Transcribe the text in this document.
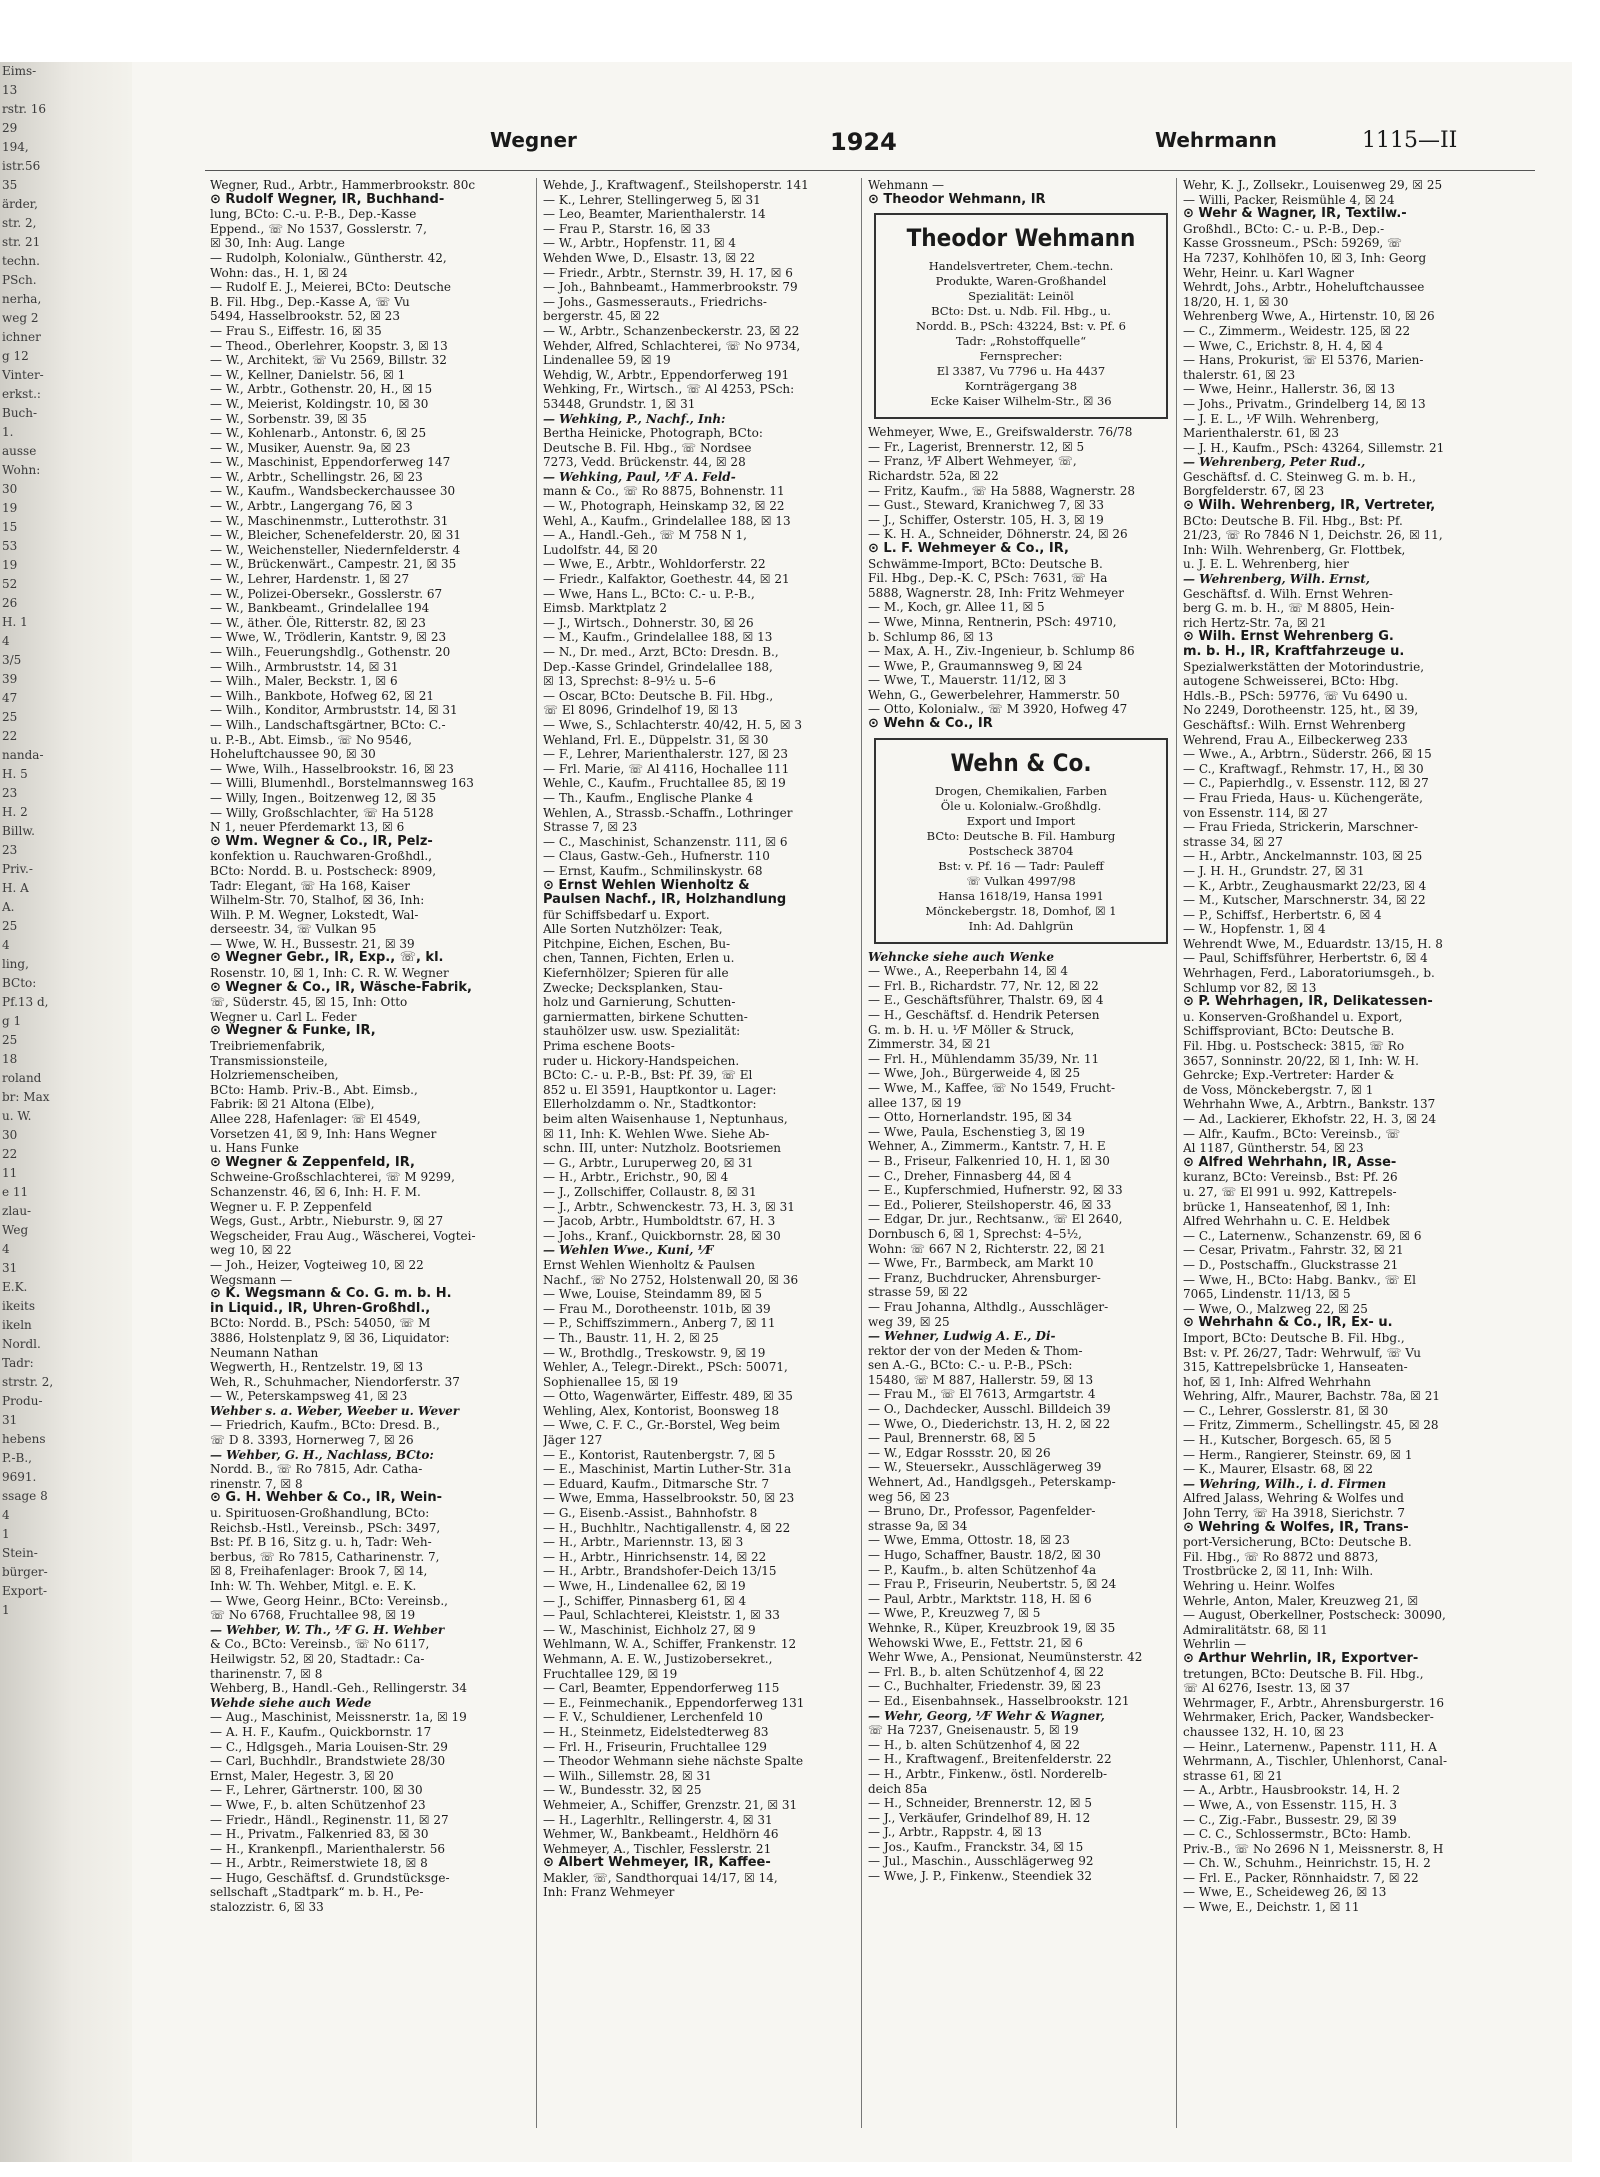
Eims-
13
rstr. 16
29
194,
istr.56
35
ärder,
str. 2,
str. 21
techn.
PSch.
nerha,
weg 2
ichner
g 12
Vinter-
erkst.:
Buch-
1.
ausse
Wohn:
30
19
15
53
19
52
26
H. 1
4
3/5
39
47
25
22
nanda-
H. 5
23
H. 2
Billw.
23
Priv.-
H. A
A.
25
4
ling,
BCto:
Pf.13 d,
g 1
25
18
roland
br: Max
u. W.
30
22
11
e 11
zlau-
Weg
4
31
E.K.
ikeits
ikeln
Nordl.
Tadr:
strstr. 2,
Produ-
31
hebens
P.-B.,
9691.
ssage 8
4
1
Stein-
bürger-
Export-
1
Wegner	1924	Wehrmann	1115—II
Wegner, Rud., Arbtr., Hammerbrookstr. 80c
⊙ Rudolf Wegner, IR, Buchhand-
lung, BCto: C.-u. P.-B., Dep.-Kasse
Eppend., ☏ No 1537, Gosslerstr. 7,
☒ 30, Inh: Aug. Lange
— Rudolph, Kolonialw., Güntherstr. 42,
Wohn: das., H. 1, ☒ 24
— Rudolf E. J., Meierei, BCto: Deutsche
B. Fil. Hbg., Dep.-Kasse A, ☏ Vu
5494, Hasselbrookstr. 52, ☒ 23
— Frau S., Eiffestr. 16, ☒ 35
— Theod., Oberlehrer, Koopstr. 3, ☒ 13
— W., Architekt, ☏ Vu 2569, Billstr. 32
— W., Kellner, Danielstr. 56, ☒ 1
— W., Arbtr., Gothenstr. 20, H., ☒ 15
— W., Meierist, Koldingstr. 10, ☒ 30
— W., Sorbenstr. 39, ☒ 35
— W., Kohlenarb., Antonstr. 6, ☒ 25
— W., Musiker, Auenstr. 9a, ☒ 23
— W., Maschinist, Eppendorferweg 147
— W., Arbtr., Schellingstr. 26, ☒ 23
— W., Kaufm., Wandsbeckerchaussee 30
— W., Arbtr., Langergang 76, ☒ 3
— W., Maschinenmstr., Lutterothstr. 31
— W., Bleicher, Schenefelderstr. 20, ☒ 31
— W., Weichensteller, Niedernfelderstr. 4
— W., Brückenwärt., Campestr. 21, ☒ 35
— W., Lehrer, Hardenstr. 1, ☒ 27
— W., Polizei-Obersekr., Gosslerstr. 67
— W., Bankbeamt., Grindelallee 194
— W., äther. Öle, Ritterstr. 82, ☒ 23
— Wwe, W., Trödlerin, Kantstr. 9, ☒ 23
— Wilh., Feuerungshdlg., Gothenstr. 20
— Wilh., Armbruststr. 14, ☒ 31
— Wilh., Maler, Beckstr. 1, ☒ 6
— Wilh., Bankbote, Hofweg 62, ☒ 21
— Wilh., Konditor, Armbruststr. 14, ☒ 31
— Wilh., Landschaftsgärtner, BCto: C.-
u. P.-B., Abt. Eimsb., ☏ No 9546,
Hoheluftchaussee 90, ☒ 30
— Wwe, Wilh., Hasselbrookstr. 16, ☒ 23
— Willi, Blumenhdl., Borstelmannsweg 163
— Willy, Ingen., Boitzenweg 12, ☒ 35
— Willy, Großschlachter, ☏ Ha 5128
N 1, neuer Pferdemarkt 13, ☒ 6
⊙ Wm. Wegner & Co., IR, Pelz-
konfektion u. Rauchwaren-Großhdl.,
BCto: Nordd. B. u. Postscheck: 8909,
Tadr: Elegant, ☏ Ha 168, Kaiser
Wilhelm-Str. 70, Stalhof, ☒ 36, Inh:
Wilh. P. M. Wegner, Lokstedt, Wal-
derseestr. 34, ☏ Vulkan 95
— Wwe, W. H., Bussestr. 21, ☒ 39
⊙ Wegner Gebr., IR, Exp., ☏, kl.
Rosenstr. 10, ☒ 1, Inh: C. R. W. Wegner
⊙ Wegner & Co., IR, Wäsche-Fabrik,
☏, Süderstr. 45, ☒ 15, Inh: Otto
Wegner u. Carl L. Feder
⊙ Wegner & Funke, IR,
Treibriemenfabrik,
Transmissionsteile,
Holzriemenscheiben,
BCto: Hamb. Priv.-B., Abt. Eimsb.,
Fabrik: ☒ 21 Altona (Elbe),
Allee 228, Hafenlager: ☏ El 4549,
Vorsetzen 41, ☒ 9, Inh: Hans Wegner
u. Hans Funke
⊙ Wegner & Zeppenfeld, IR,
Schweine-Großschlachterei, ☏ M 9299,
Schanzenstr. 46, ☒ 6, Inh: H. F. M.
Wegner u. F. P. Zeppenfeld
Wegs, Gust., Arbtr., Nieburstr. 9, ☒ 27
Wegscheider, Frau Aug., Wäscherei, Vogtei-
weg 10, ☒ 22
— Joh., Heizer, Vogteiweg 10, ☒ 22
Wegsmann —
⊙ K. Wegsmann & Co. G. m. b. H.
in Liquid., IR, Uhren-Großhdl.,
BCto: Nordd. B., PSch: 54050, ☏ M
3886, Holstenplatz 9, ☒ 36, Liquidator:
Neumann Nathan
Wegwerth, H., Rentzelstr. 19, ☒ 13
Weh, R., Schuhmacher, Niendorferstr. 37
— W., Peterskampsweg 41, ☒ 23
Wehber s. a. Weber, Weeber u. Wever
— Friedrich, Kaufm., BCto: Dresd. B.,
☏ D 8. 3393, Hornerweg 7, ☒ 26
— Wehber, G. H., Nachlass, BCto:
Nordd. B., ☏ Ro 7815, Adr. Catha-
rinenstr. 7, ☒ 8
⊙ G. H. Wehber & Co., IR, Wein-
u. Spirituosen-Großhandlung, BCto:
Reichsb.-Hstl., Vereinsb., PSch: 3497,
Bst: Pf. B 16, Sitz g. u. h, Tadr: Weh-
berbus, ☏ Ro 7815, Catharinenstr. 7,
☒ 8, Freihafenlager: Brook 7, ☒ 14,
Inh: W. Th. Wehber, Mitgl. e. E. K.
— Wwe, Georg Heinr., BCto: Vereinsb.,
☏ No 6768, Fruchtallee 98, ☒ 19
— Wehber, W. Th., ⅟F G. H. Wehber
& Co., BCto: Vereinsb., ☏ No 6117,
Heilwigstr. 52, ☒ 20, Stadtadr.: Ca-
tharinenstr. 7, ☒ 8
Wehberg, B., Handl.-Geh., Rellingerstr. 34
Wehde siehe auch Wede
— Aug., Maschinist, Meissnerstr. 1a, ☒ 19
— A. H. F., Kaufm., Quickbornstr. 17
— C., Hdlgsgeh., Maria Louisen-Str. 29
— Carl, Buchhdlr., Brandstwiete 28/30
Ernst, Maler, Hegestr. 3, ☒ 20
— F., Lehrer, Gärtnerstr. 100, ☒ 30
— Wwe, F., b. alten Schützenhof 23
— Friedr., Händl., Reginenstr. 11, ☒ 27
— H., Privatm., Falkenried 83, ☒ 30
— H., Krankenpfl., Marienthalerstr. 56
— H., Arbtr., Reimerstwiete 18, ☒ 8
— Hugo, Geschäftsf. d. Grundstücksge-
sellschaft „Stadtpark“ m. b. H., Pe-
stalozzistr. 6, ☒ 33
Wehde, J., Kraftwagenf., Steilshoperstr. 141
— K., Lehrer, Stellingerweg 5, ☒ 31
— Leo, Beamter, Marienthalerstr. 14
— Frau P., Starstr. 16, ☒ 33
— W., Arbtr., Hopfenstr. 11, ☒ 4
Wehden Wwe, D., Elsastr. 13, ☒ 22
— Friedr., Arbtr., Sternstr. 39, H. 17, ☒ 6
— Joh., Bahnbeamt., Hammerbrookstr. 79
— Johs., Gasmesserauts., Friedrichs-
bergerstr. 45, ☒ 22
— W., Arbtr., Schanzenbeckerstr. 23, ☒ 22
Wehder, Alfred, Schlachterei, ☏ No 9734,
Lindenallee 59, ☒ 19
Wehdig, W., Arbtr., Eppendorferweg 191
Wehking, Fr., Wirtsch., ☏ Al 4253, PSch:
53448, Grundstr. 1, ☒ 31
— Wehking, P., Nachf., Inh:
Bertha Heinicke, Photograph, BCto:
Deutsche B. Fil. Hbg., ☏ Nordsee
7273, Vedd. Brückenstr. 44, ☒ 28
— Wehking, Paul, ⅟F A. Feld-
mann & Co., ☏ Ro 8875, Bohnenstr. 11
— W., Photograph, Heinskamp 32, ☒ 22
Wehl, A., Kaufm., Grindelallee 188, ☒ 13
— A., Handl.-Geh., ☏ M 758 N 1,
Ludolfstr. 44, ☒ 20
— Wwe, E., Arbtr., Wohldorferstr. 22
— Friedr., Kalfaktor, Goethestr. 44, ☒ 21
— Wwe, Hans L., BCto: C.- u. P.-B.,
Eimsb. Marktplatz 2
— J., Wirtsch., Dohnerstr. 30, ☒ 26
— M., Kaufm., Grindelallee 188, ☒ 13
— N., Dr. med., Arzt, BCto: Dresdn. B.,
Dep.-Kasse Grindel, Grindelallee 188,
☒ 13, Sprechst: 8–9½ u. 5–6
— Oscar, BCto: Deutsche B. Fil. Hbg.,
☏ El 8096, Grindelhof 19, ☒ 13
— Wwe, S., Schlachterstr. 40/42, H. 5, ☒ 3
Wehland, Frl. E., Düppelstr. 31, ☒ 30
— F., Lehrer, Marienthalerstr. 127, ☒ 23
— Frl. Marie, ☏ Al 4116, Hochallee 111
Wehle, C., Kaufm., Fruchtallee 85, ☒ 19
— Th., Kaufm., Englische Planke 4
Wehlen, A., Strassb.-Schaffn., Lothringer
Strasse 7, ☒ 23
— C., Maschinist, Schanzenstr. 111, ☒ 6
— Claus, Gastw.-Geh., Hufnerstr. 110
— Ernst, Kaufm., Schmilinskystr. 68
⊙ Ernst Wehlen Wienholtz &
Paulsen Nachf., IR, Holzhandlung
für Schiffsbedarf u. Export.
Alle Sorten Nutzhölzer: Teak,
Pitchpine, Eichen, Eschen, Bu-
chen, Tannen, Fichten, Erlen u.
Kiefernhölzer; Spieren für alle
Zwecke; Decksplanken, Stau-
holz und Garnierung, Schutten-
garniermatten, birkene Schutten-
stauhölzer usw. usw. Spezialität:
Prima eschene Boots-
ruder u. Hickory-Handspeichen.
BCto: C.- u. P.-B., Bst: Pf. 39, ☏ El
852 u. El 3591, Hauptkontor u. Lager:
Ellerholzdamm o. Nr., Stadtkontor:
beim alten Waisenhause 1, Neptunhaus,
☒ 11, Inh: K. Wehlen Wwe. Siehe Ab-
schn. III, unter: Nutzholz. Bootsriemen
— G., Arbtr., Luruperweg 20, ☒ 31
— H., Arbtr., Erichstr., 90, ☒ 4
— J., Zollschiffer, Collaustr. 8, ☒ 31
— J., Arbtr., Schwenckestr. 73, H. 3, ☒ 31
— Jacob, Arbtr., Humboldtstr. 67, H. 3
— Johs., Kranf., Quickbornstr. 28, ☒ 30
— Wehlen Wwe., Kuni, ⅟F
Ernst Wehlen Wienholtz & Paulsen
Nachf., ☏ No 2752, Holstenwall 20, ☒ 36
— Wwe, Louise, Steindamm 89, ☒ 5
— Frau M., Dorotheenstr. 101b, ☒ 39
— P., Schiffszimmern., Anberg 7, ☒ 11
— Th., Baustr. 11, H. 2, ☒ 25
— W., Brothdlg., Treskowstr. 9, ☒ 19
Wehler, A., Telegr.-Direkt., PSch: 50071,
Sophienallee 15, ☒ 19
— Otto, Wagenwärter, Eiffestr. 489, ☒ 35
Wehling, Alex, Kontorist, Boonsweg 18
— Wwe, C. F. C., Gr.-Borstel, Weg beim
Jäger 127
— E., Kontorist, Rautenbergstr. 7, ☒ 5
— E., Maschinist, Martin Luther-Str. 31a
— Eduard, Kaufm., Ditmarsche Str. 7
— Wwe, Emma, Hasselbrookstr. 50, ☒ 23
— G., Eisenb.-Assist., Bahnhofstr. 8
— H., Buchhltr., Nachtigallenstr. 4, ☒ 22
— H., Arbtr., Mariennstr. 13, ☒ 3
— H., Arbtr., Hinrichsenstr. 14, ☒ 22
— H., Arbtr., Brandshofer-Deich 13/15
— Wwe, H., Lindenallee 62, ☒ 19
— J., Schiffer, Pinnasberg 61, ☒ 4
— Paul, Schlachterei, Kleiststr. 1, ☒ 33
— W., Maschinist, Eichholz 27, ☒ 9
Wehlmann, W. A., Schiffer, Frankenstr. 12
Wehmann, A. E. W., Justizobersekret.,
Fruchtallee 129, ☒ 19
— Carl, Beamter, Eppendorferweg 115
— E., Feinmechanik., Eppendorferweg 131
— F. V., Schuldiener, Lerchenfeld 10
— H., Steinmetz, Eidelstedterweg 83
— Frl. H., Friseurin, Fruchtallee 129
— Theodor Wehmann siehe nächste Spalte
— Wilh., Sillemstr. 28, ☒ 31
— W., Bundesstr. 32, ☒ 25
Wehmeier, A., Schiffer, Grenzstr. 21, ☒ 31
— H., Lagerhltr., Rellingerstr. 4, ☒ 31
Wehmer, W., Bankbeamt., Heldhörn 46
Wehmeyer, A., Tischler, Fesslerstr. 21
⊙ Albert Wehmeyer, IR, Kaffee-
Makler, ☏, Sandthorquai 14/17, ☒ 14,
Inh: Franz Wehmeyer
Wehmann —
⊙ Theodor Wehmann, IR
Theodor Wehmann
Handelsvertreter, Chem.-techn.
Produkte, Waren-Großhandel
Spezialität: Leinöl
BCto: Dst. u. Ndb. Fil. Hbg., u.
Nordd. B., PSch: 43224, Bst: v. Pf. 6
Tadr: „Rohstoffquelle“
Fernsprecher:
El 3387, Vu 7796 u. Ha 4437
Kornträgergang 38
Ecke Kaiser Wilhelm-Str., ☒ 36
Wehmeyer, Wwe, E., Greifswalderstr. 76/78
— Fr., Lagerist, Brennerstr. 12, ☒ 5
— Franz, ⅟F Albert Wehmeyer, ☏,
Richardstr. 52a, ☒ 22
— Fritz, Kaufm., ☏ Ha 5888, Wagnerstr. 28
— Gust., Steward, Kranichweg 7, ☒ 33
— J., Schiffer, Osterstr. 105, H. 3, ☒ 19
— K. H. A., Schneider, Döhnerstr. 24, ☒ 26
⊙ L. F. Wehmeyer & Co., IR,
Schwämme-Import, BCto: Deutsche B.
Fil. Hbg., Dep.-K. C, PSch: 7631, ☏ Ha
5888, Wagnerstr. 28, Inh: Fritz Wehmeyer
— M., Koch, gr. Allee 11, ☒ 5
— Wwe, Minna, Rentnerin, PSch: 49710,
b. Schlump 86, ☒ 13
— Max, A. H., Ziv.-Ingenieur, b. Schlump 86
— Wwe, P., Graumannsweg 9, ☒ 24
— Wwe, T., Mauerstr. 11/12, ☒ 3
Wehn, G., Gewerbelehrer, Hammerstr. 50
— Otto, Kolonialw., ☏ M 3920, Hofweg 47
⊙ Wehn & Co., IR
Wehn & Co.
Drogen, Chemikalien, Farben
Öle u. Kolonialw.-Großhdlg.
Export und Import
BCto: Deutsche B. Fil. Hamburg
Postscheck 38704
Bst: v. Pf. 16 — Tadr: Pauleff
☏ Vulkan 4997/98
Hansa 1618/19, Hansa 1991
Mönckebergstr. 18, Domhof, ☒ 1
Inh: Ad. Dahlgrün
Wehncke siehe auch Wenke
— Wwe., A., Reeperbahn 14, ☒ 4
— Frl. B., Richardstr. 77, Nr. 12, ☒ 22
— E., Geschäftsführer, Thalstr. 69, ☒ 4
— H., Geschäftsf. d. Hendrik Petersen
G. m. b. H. u. ⅟F Möller & Struck,
Zimmerstr. 34, ☒ 21
— Frl. H., Mühlendamm 35/39, Nr. 11
— Wwe, Joh., Bürgerweide 4, ☒ 25
— Wwe, M., Kaffee, ☏ No 1549, Frucht-
allee 137, ☒ 19
— Otto, Hornerlandstr. 195, ☒ 34
— Wwe, Paula, Eschenstieg 3, ☒ 19
Wehner, A., Zimmerm., Kantstr. 7, H. E
— B., Friseur, Falkenried 10, H. 1, ☒ 30
— C., Dreher, Finnasberg 44, ☒ 4
— E., Kupferschmied, Hufnerstr. 92, ☒ 33
— Ed., Polierer, Steilshoperstr. 46, ☒ 33
— Edgar, Dr. jur., Rechtsanw., ☏ El 2640,
Dornbusch 6, ☒ 1, Sprechst: 4–5½,
Wohn: ☏ 667 N 2, Richterstr. 22, ☒ 21
— Wwe, Fr., Barmbeck, am Markt 10
— Franz, Buchdrucker, Ahrensburger-
strasse 59, ☒ 22
— Frau Johanna, Althdlg., Ausschläger-
weg 39, ☒ 25
— Wehner, Ludwig A. E., Di-
rektor der von der Meden & Thom-
sen A.-G., BCto: C.- u. P.-B., PSch:
15480, ☏ M 887, Hallerstr. 59, ☒ 13
— Frau M., ☏ El 7613, Armgartstr. 4
— O., Dachdecker, Ausschl. Billdeich 39
— Wwe, O., Diederichstr. 13, H. 2, ☒ 22
— Paul, Brennerstr. 68, ☒ 5
— W., Edgar Rossstr. 20, ☒ 26
— W., Steuersekr., Ausschlägerweg 39
Wehnert, Ad., Handlgsgeh., Peterskamp-
weg 56, ☒ 23
— Bruno, Dr., Professor, Pagenfelder-
strasse 9a, ☒ 34
— Wwe, Emma, Ottostr. 18, ☒ 23
— Hugo, Schaffner, Baustr. 18/2, ☒ 30
— P., Kaufm., b. alten Schützenhof 4a
— Frau P., Friseurin, Neubertstr. 5, ☒ 24
— Paul, Arbtr., Marktstr. 118, H. ☒ 6
— Wwe, P., Kreuzweg 7, ☒ 5
Wehnke, R., Küper, Kreuzbrook 19, ☒ 35
Wehowski Wwe, E., Fettstr. 21, ☒ 6
Wehr Wwe, A., Pensionat, Neumünsterstr. 42
— Frl. B., b. alten Schützenhof 4, ☒ 22
— C., Buchhalter, Friedenstr. 39, ☒ 23
— Ed., Eisenbahnsek., Hasselbrookstr. 121
— Wehr, Georg, ⅟F Wehr & Wagner,
☏ Ha 7237, Gneisenaustr. 5, ☒ 19
— H., b. alten Schützenhof 4, ☒ 22
— H., Kraftwagenf., Breitenfelderstr. 22
— H., Arbtr., Finkenw., östl. Norderelb-
deich 85a
— H., Schneider, Brennerstr. 12, ☒ 5
— J., Verkäufer, Grindelhof 89, H. 12
— J., Arbtr., Rappstr. 4, ☒ 13
— Jos., Kaufm., Franckstr. 34, ☒ 15
— Jul., Maschin., Ausschlägerweg 92
— Wwe, J. P., Finkenw., Steendiek 32
Wehr, K. J., Zollsekr., Louisenweg 29, ☒ 25
— Willi, Packer, Reismühle 4, ☒ 24
⊙ Wehr & Wagner, IR, Textilw.-
Großhdl., BCto: C.- u. P.-B., Dep.-
Kasse Grossneum., PSch: 59269, ☏
Ha 7237, Kohlhöfen 10, ☒ 3, Inh: Georg
Wehr, Heinr. u. Karl Wagner
Wehrdt, Johs., Arbtr., Hoheluftchaussee
18/20, H. 1, ☒ 30
Wehrenberg Wwe, A., Hirtenstr. 10, ☒ 26
— C., Zimmerm., Weidestr. 125, ☒ 22
— Wwe, C., Erichstr. 8, H. 4, ☒ 4
— Hans, Prokurist, ☏ El 5376, Marien-
thalerstr. 61, ☒ 23
— Wwe, Heinr., Hallerstr. 36, ☒ 13
— Johs., Privatm., Grindelberg 14, ☒ 13
— J. E. L., ⅟F Wilh. Wehrenberg,
Marienthalerstr. 61, ☒ 23
— J. H., Kaufm., PSch: 43264, Sillemstr. 21
— Wehrenberg, Peter Rud.,
Geschäftsf. d. C. Steinweg G. m. b. H.,
Borgfelderstr. 67, ☒ 23
⊙ Wilh. Wehrenberg, IR, Vertreter,
BCto: Deutsche B. Fil. Hbg., Bst: Pf.
21/23, ☏ Ro 7846 N 1, Deichstr. 26, ☒ 11,
Inh: Wilh. Wehrenberg, Gr. Flottbek,
u. J. E. L. Wehrenberg, hier
— Wehrenberg, Wilh. Ernst,
Geschäftsf. d. Wilh. Ernst Wehren-
berg G. m. b. H., ☏ M 8805, Hein-
rich Hertz-Str. 7a, ☒ 21
⊙ Wilh. Ernst Wehrenberg G.
m. b. H., IR, Kraftfahrzeuge u.
Spezialwerkstätten der Motorindustrie,
autogene Schweisserei, BCto: Hbg.
Hdls.-B., PSch: 59776, ☏ Vu 6490 u.
No 2249, Dorotheenstr. 125, ht., ☒ 39,
Geschäftsf.: Wilh. Ernst Wehrenberg
Wehrend, Frau A., Eilbeckerweg 233
— Wwe., A., Arbtrn., Süderstr. 266, ☒ 15
— C., Kraftwagf., Rehmstr. 17, H., ☒ 30
— C., Papierhdlg., v. Essenstr. 112, ☒ 27
— Frau Frieda, Haus- u. Küchengeräte,
von Essenstr. 114, ☒ 27
— Frau Frieda, Strickerin, Marschner-
strasse 34, ☒ 27
— H., Arbtr., Anckelmannstr. 103, ☒ 25
— J. H. H., Grundstr. 27, ☒ 31
— K., Arbtr., Zeughausmarkt 22/23, ☒ 4
— M., Kutscher, Marschnerstr. 34, ☒ 22
— P., Schiffsf., Herbertstr. 6, ☒ 4
— W., Hopfenstr. 1, ☒ 4
Wehrendt Wwe, M., Eduardstr. 13/15, H. 8
— Paul, Schiffsführer, Herbertstr. 6, ☒ 4
Wehrhagen, Ferd., Laboratoriumsgeh., b.
Schlump vor 82, ☒ 13
⊙ P. Wehrhagen, IR, Delikatessen-
u. Konserven-Großhandel u. Export,
Schiffsproviant, BCto: Deutsche B.
Fil. Hbg. u. Postscheck: 3815, ☏ Ro
3657, Sonninstr. 20/22, ☒ 1, Inh: W. H.
Gehrcke; Exp.-Vertreter: Harder &
de Voss, Mönckebergstr. 7, ☒ 1
Wehrhahn Wwe, A., Arbtrn., Bankstr. 137
— Ad., Lackierer, Ekhofstr. 22, H. 3, ☒ 24
— Alfr., Kaufm., BCto: Vereinsb., ☏
Al 1187, Güntherstr. 54, ☒ 23
⊙ Alfred Wehrhahn, IR, Asse-
kuranz, BCto: Vereinsb., Bst: Pf. 26
u. 27, ☏ El 991 u. 992, Kattrepels-
brücke 1, Hanseatenhof, ☒ 1, Inh:
Alfred Wehrhahn u. C. E. Heldbek
— C., Laternenw., Schanzenstr. 69, ☒ 6
— Cesar, Privatm., Fahrstr. 32, ☒ 21
— D., Postschaffn., Gluckstrasse 21
— Wwe, H., BCto: Habg. Bankv., ☏ El
7065, Lindenstr. 11/13, ☒ 5
— Wwe, O., Malzweg 22, ☒ 25
⊙ Wehrhahn & Co., IR, Ex- u.
Import, BCto: Deutsche B. Fil. Hbg.,
Bst: v. Pf. 26/27, Tadr: Wehrwulf, ☏ Vu
315, Kattrepelsbrücke 1, Hanseaten-
hof, ☒ 1, Inh: Alfred Wehrhahn
Wehring, Alfr., Maurer, Bachstr. 78a, ☒ 21
— C., Lehrer, Gosslerstr. 81, ☒ 30
— Fritz, Zimmerm., Schellingstr. 45, ☒ 28
— H., Kutscher, Borgesch. 65, ☒ 5
— Herm., Rangierer, Steinstr. 69, ☒ 1
— K., Maurer, Elsastr. 68, ☒ 22
— Wehring, Wilh., i. d. Firmen
Alfred Jalass, Wehring & Wolfes und
John Terry, ☏ Ha 3918, Sierichstr. 7
⊙ Wehring & Wolfes, IR, Trans-
port-Versicherung, BCto: Deutsche B.
Fil. Hbg., ☏ Ro 8872 und 8873,
Trostbrücke 2, ☒ 11, Inh: Wilh.
Wehring u. Heinr. Wolfes
Wehrle, Anton, Maler, Kreuzweg 21, ☒
— August, Oberkellner, Postscheck: 30090,
Admiralitätstr. 68, ☒ 11
Wehrlin —
⊙ Arthur Wehrlin, IR, Exportver-
tretungen, BCto: Deutsche B. Fil. Hbg.,
☏ Al 6276, Isestr. 13, ☒ 37
Wehrmager, F., Arbtr., Ahrensburgerstr. 16
Wehrmaker, Erich, Packer, Wandsbecker-
chaussee 132, H. 10, ☒ 23
— Heinr., Laternenw., Papenstr. 111, H. A
Wehrmann, A., Tischler, Uhlenhorst, Canal-
strasse 61, ☒ 21
— A., Arbtr., Hausbrookstr. 14, H. 2
— Wwe, A., von Essenstr. 115, H. 3
— C., Zig.-Fabr., Bussestr. 29, ☒ 39
— C. C., Schlossermstr., BCto: Hamb.
Priv.-B., ☏ No 2696 N 1, Meissnerstr. 8, H
— Ch. W., Schuhm., Heinrichstr. 15, H. 2
— Frl. E., Packer, Rönnhaidstr. 7, ☒ 22
— Wwe, E., Scheideweg 26, ☒ 13
— Wwe, E., Deichstr. 1, ☒ 11
